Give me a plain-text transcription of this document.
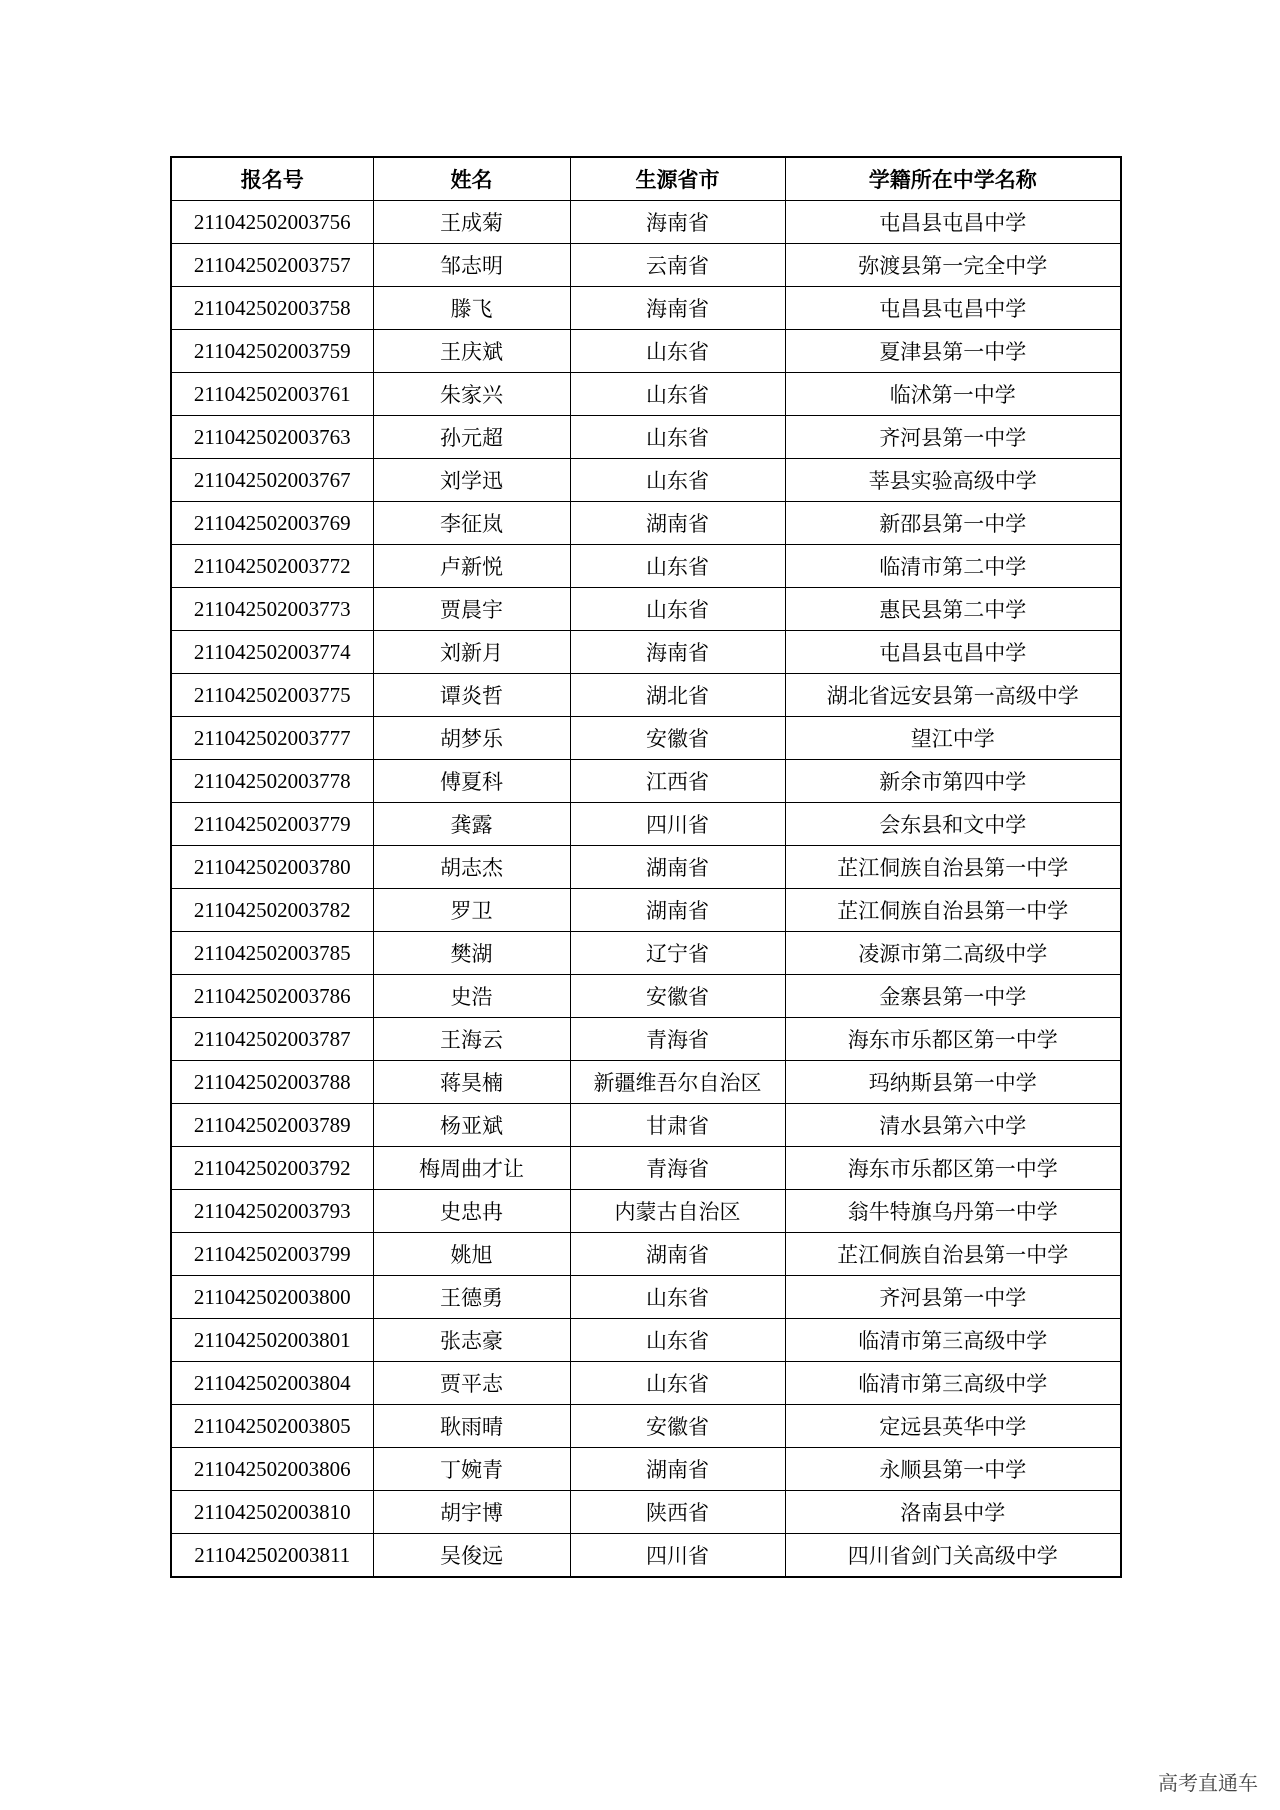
报名号	姓名	生源省市	学籍所在中学名称
211042502003756	王成菊	海南省	屯昌县屯昌中学
211042502003757	邹志明	云南省	弥渡县第一完全中学
211042502003758	滕飞	海南省	屯昌县屯昌中学
211042502003759	王庆斌	山东省	夏津县第一中学
211042502003761	朱家兴	山东省	临沭第一中学
211042502003763	孙元超	山东省	齐河县第一中学
211042502003767	刘学迅	山东省	莘县实验高级中学
211042502003769	李征岚	湖南省	新邵县第一中学
211042502003772	卢新悦	山东省	临清市第二中学
211042502003773	贾晨宇	山东省	惠民县第二中学
211042502003774	刘新月	海南省	屯昌县屯昌中学
211042502003775	谭炎哲	湖北省	湖北省远安县第一高级中学
211042502003777	胡梦乐	安徽省	望江中学
211042502003778	傅夏科	江西省	新余市第四中学
211042502003779	龚露	四川省	会东县和文中学
211042502003780	胡志杰	湖南省	芷江侗族自治县第一中学
211042502003782	罗卫	湖南省	芷江侗族自治县第一中学
211042502003785	樊湖	辽宁省	凌源市第二高级中学
211042502003786	史浩	安徽省	金寨县第一中学
211042502003787	王海云	青海省	海东市乐都区第一中学
211042502003788	蒋昊楠	新疆维吾尔自治区	玛纳斯县第一中学
211042502003789	杨亚斌	甘肃省	清水县第六中学
211042502003792	梅周曲才让	青海省	海东市乐都区第一中学
211042502003793	史忠冉	内蒙古自治区	翁牛特旗乌丹第一中学
211042502003799	姚旭	湖南省	芷江侗族自治县第一中学
211042502003800	王德勇	山东省	齐河县第一中学
211042502003801	张志豪	山东省	临清市第三高级中学
211042502003804	贾平志	山东省	临清市第三高级中学
211042502003805	耿雨晴	安徽省	定远县英华中学
211042502003806	丁婉青	湖南省	永顺县第一中学
211042502003810	胡宇博	陕西省	洛南县中学
211042502003811	吴俊远	四川省	四川省剑门关高级中学
高考直通车
